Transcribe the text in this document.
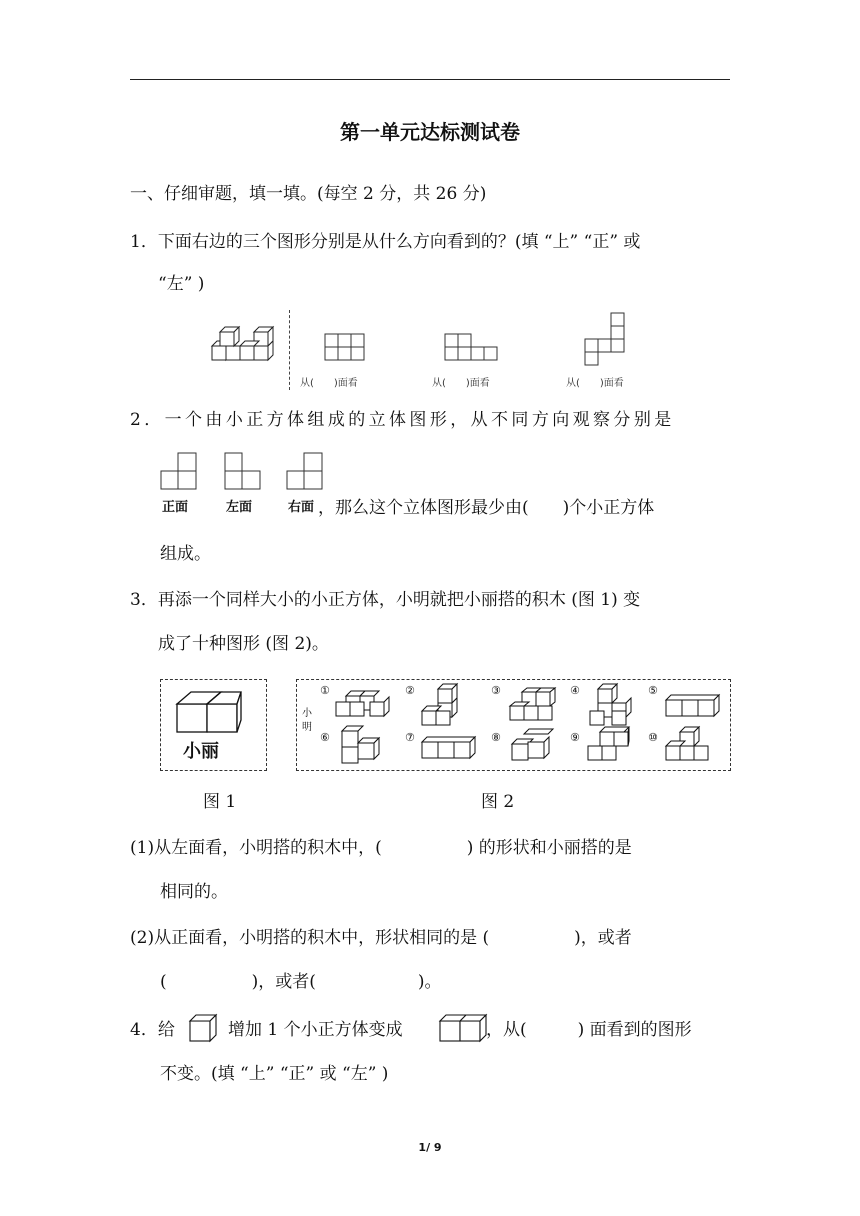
第一单元达标测试卷
一、仔细审题，填一填。(每空 2 分，共 26 分)
1．下面右边的三个图形分别是从什么方向看到的？(填 “上” “正” 或
“左” )
从(　　)面看	从(　　)面看	从(　　)面看
2．一个由小正方体组成的立体图形，从不同方向观察分别是
正面	左面	右面 ，那么这个立体图形最少由(　　)个小正方体
组成。
3．再添一个同样大小的小正方体，小明就把小丽搭的积木 (图 1) 变
成了十种图形 (图 2)。
小丽
小明
①	②	③	④	⑤
⑥	⑦	⑧	⑨	⑩
图 1	图 2
(1)从左面看，小明搭的积木中，(　　　　　) 的形状和小丽搭的是
相同的。
(2)从正面看，小明搭的积木中，形状相同的是 (　　　　　)，或者
(　　　　　)，或者(　　　　　　)。
4．给	增加 1 个小正方体变成	，从(　　　) 面看到的图形
不变。(填 “上” “正” 或 “左” )
1/ 9
